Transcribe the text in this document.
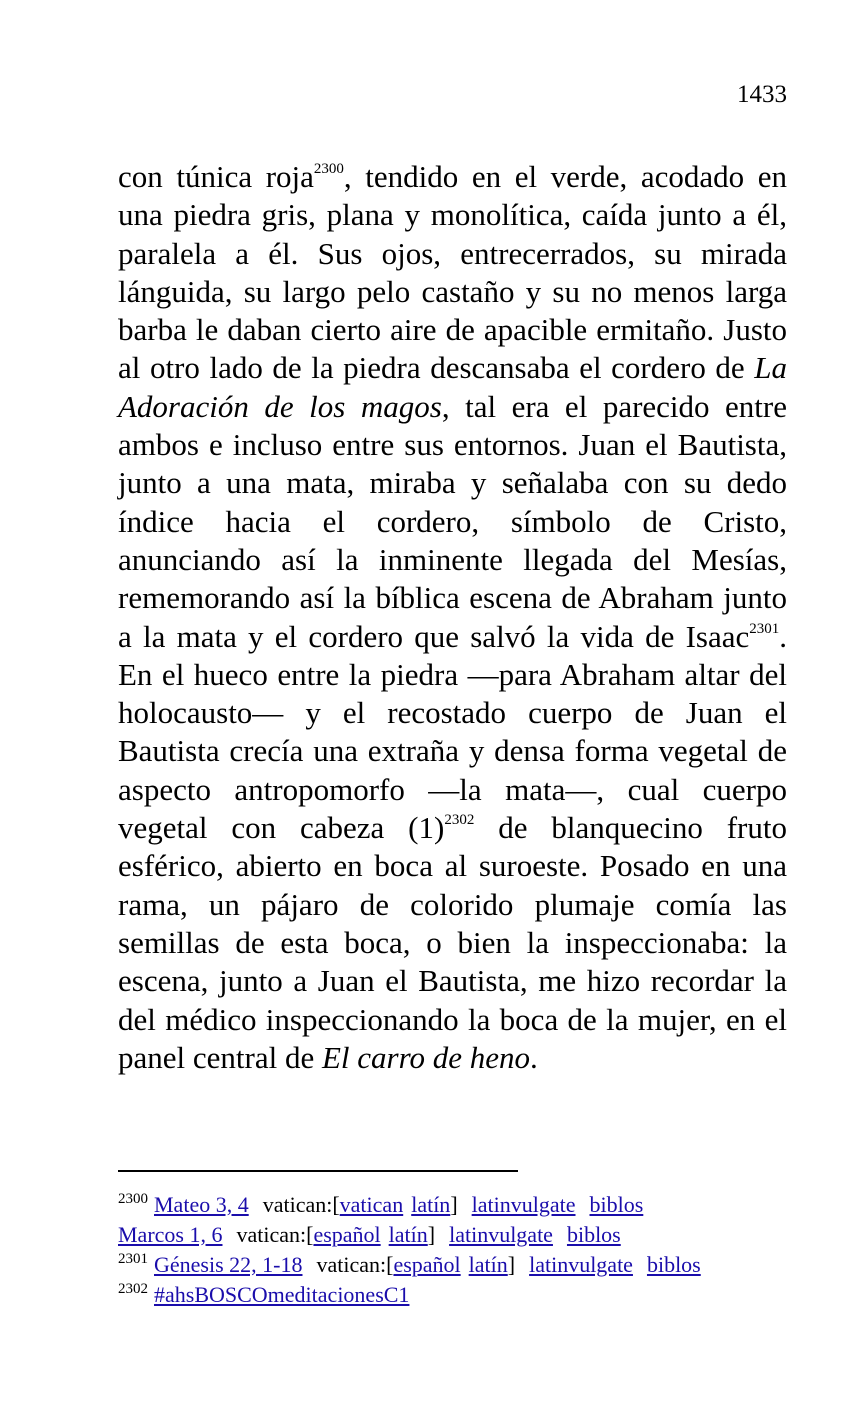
1433

con túnica roja$^{2300}$, tendido en el verde, acodado en una piedra gris, plana y monolítica, caída junto a él, paralela a él. Sus ojos, entrecerrados, su mirada lánguida, su largo pelo castaño y su no menos larga barba le daban cierto aire de apacible ermitaño. Justo al otro lado de la piedra descansaba el cordero de La Adoración de los magos, tal era el parecido entre ambos e incluso entre sus entornos. Juan el Bautista, junto a una mata, miraba y señalaba con su dedo índice hacia el cordero, símbolo de Cristo, anunciando así la inminente llegada del Mesías, rememorando así la bíblica escena de Abraham junto a la mata y el cordero que salvó la vida de Isaac$^{2301}$. En el hueco entre la piedra —para Abraham altar del holocausto— y el recostado cuerpo de Juan el Bautista crecía una extraña y densa forma vegetal de aspecto antropomorfo —la mata—, cual cuerpo vegetal con cabeza $(1)^{2302}$ de blanquecino fruto esférico, abierto en boca al suroeste. Posado en una rama, un pájaro de colorido plumaje comía las semillas de esta boca, o bien la inspeccionaba: la escena, junto a Juan el Bautista, me hizo recordar la del médico inspeccionando la boca de la mujer, en el panel central de El carro de heno.

$^{2300}$ Mateo 3, 4 vatican:[vatican latín] latinvulgate biblos
Marcos 1, 6 vatican:[español latín] latinvulgate biblos
$^{2301}$ Génesis 22, 1-18 vatican:[español latín] latinvulgate biblos
$^{2302}$ #ahsBOSCOmeditacionesC1
